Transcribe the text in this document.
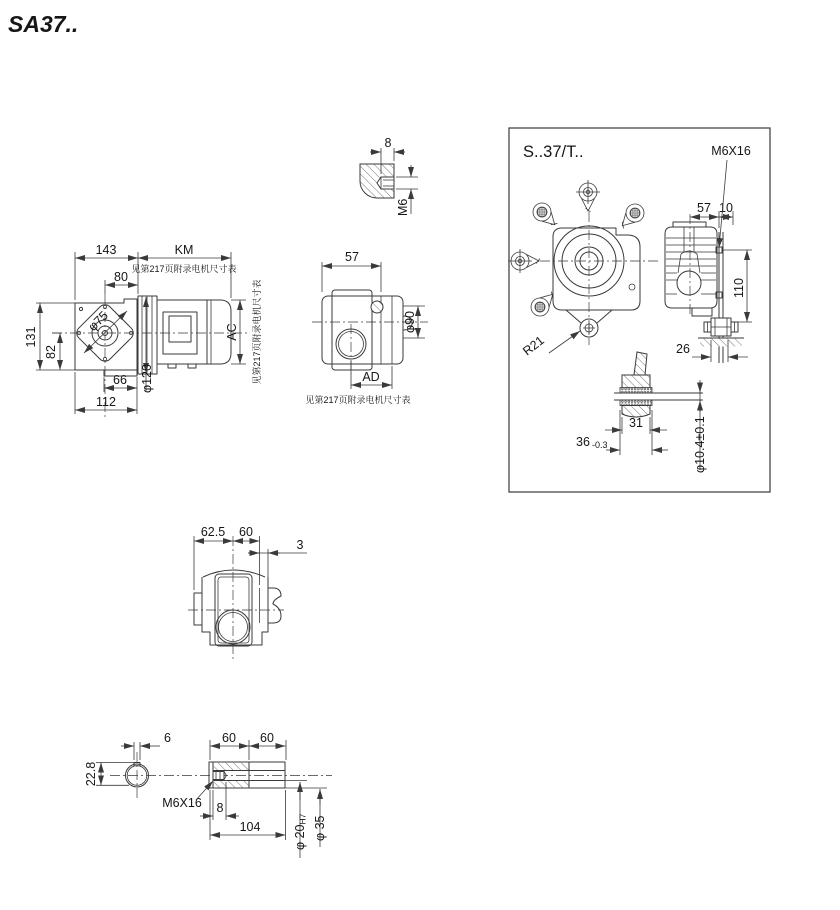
SA37..
φ75
143	KM
见第217页附录电机尺寸表
80
131
82
66
112
φ120
AC 见第217页附录电机尺寸表
8
M6
57
φ90
AD
见第217页附录电机尺寸表
S..37/T..
R21
57 10
M6X16
110
26
31
36 -0.3	φ10.4±0.1
62.5 60
3
6
22.8
60 60
M6X16 8
104	φ 20H7 φ 35
